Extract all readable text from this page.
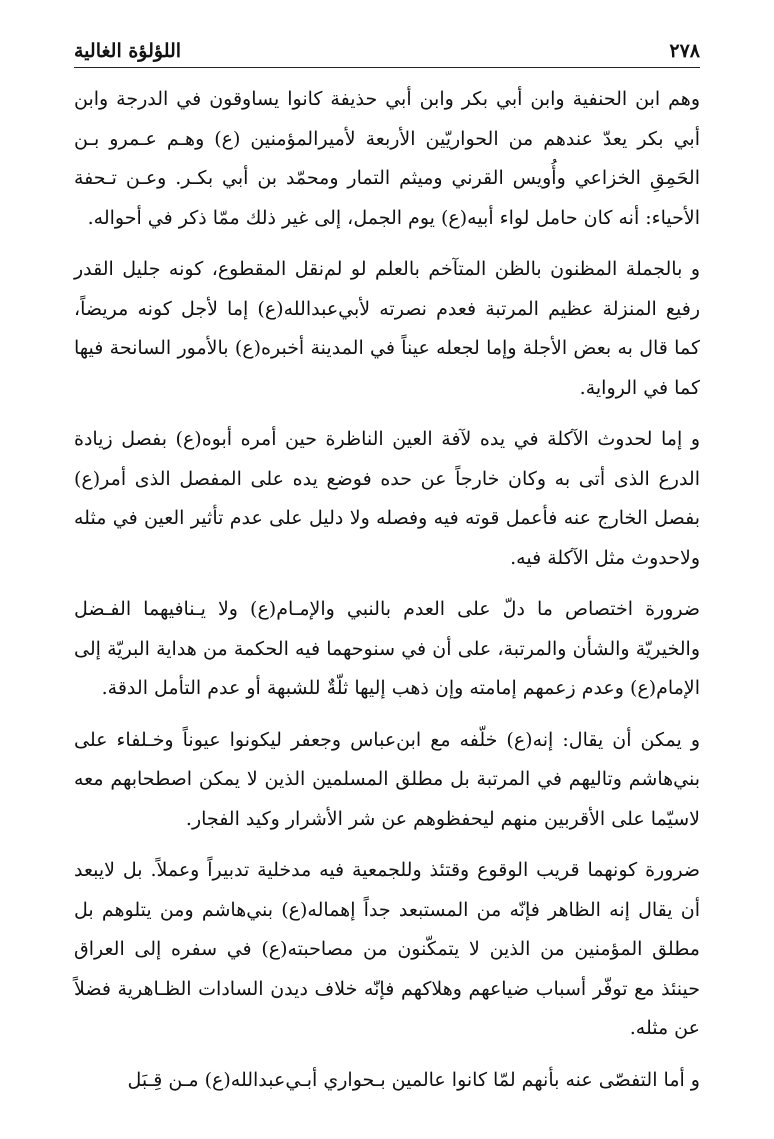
٢٧٨
اللؤلؤة الغالية

وهم ابن الحنفية وابن أبي بكر وابن أبي حذيفة كانوا يساوقون في الدرجة وابن أبي بكر يعدّ عندهم من الحواريّين الأربعة لأميرالمؤمنين (ع) وهـم عـمرو بـن الحَمِقِ الخزاعي وأُويس القرني وميثم التمار ومحمّد بن أبي بكـر. وعـن تـحفة الأحياء: أنه كان حامل لواء أبيه(ع) يوم الجمل، إلى غير ذلك ممّا ذكر في أحواله.

و بالجملة المظنون بالظن المتآخم بالعلم لو لم‌نقل المقطوع، كونه جليل القدر رفيع المنزلة عظيم المرتبة فعدم نصرته لأبي‌عبدالله(ع) إما لأجل كونه مريضاً، كما قال به بعض الأجلة وإما لجعله عيناً في المدينة أخبره(ع) بالأمور السانحة فيها كما في الرواية.

و إما لحدوث الآكلة في يده لآفة العين الناظرة حين أمره أبوه(ع) بفصل زيادة الدرع الذى أتى به وكان خارجاً عن حده فوضع يده على المفصل الذى أمر(ع) بفصل الخارج عنه فأعمل قوته فيه وفصله ولا دليل على عدم تأثير العين في مثله ولاحدوث مثل الآكلة فيه.

ضرورة اختصاص ما دلّ على العدم بالنبي والإمـام(ع) ولا يـنافيهما الفـضل والخيريّة والشأن والمرتبة، على أن في سنوحهما فيه الحكمة من هداية البريّة إلى الإمام(ع) وعدم زعمهم إمامته وإن ذهب إليها ثلّةٌ للشبهة أو عدم التأمل الدقة.

و يمكن أن يقال: إنه(ع) خلّفه مع ابن‌عباس وجعفر ليكونوا عيوناً وخـلفاء على بني‌هاشم وتاليهم في المرتبة بل مطلق المسلمين الذين لا يمكن اصطحابهم معه لاسيّما على الأقربين منهم ليحفظوهم عن شر الأشرار وكيد الفجار.

ضرورة كونهما قريب الوقوع وقتئذ وللجمعية فيه مدخلية تدبيراً وعملاً. بل لايبعد أن يقال إنه الظاهر فإنّه من المستبعد جداً إهماله(ع) بني‌هاشم ومن يتلوهم بل مطلق المؤمنين من الذين لا يتمكّنون من مصاحبته(ع) في سفره إلى العراق حينئذ مع توفّر أسباب ضياعهم وهلاكهم فإنّه خلاف ديدن السادات الظـاهرية فضلاً عن مثله.

و أما التفصّى عنه بأنهم لمّا كانوا عالمين بـحواري أبـي‌عبدالله(ع) مـن قِـبَل
